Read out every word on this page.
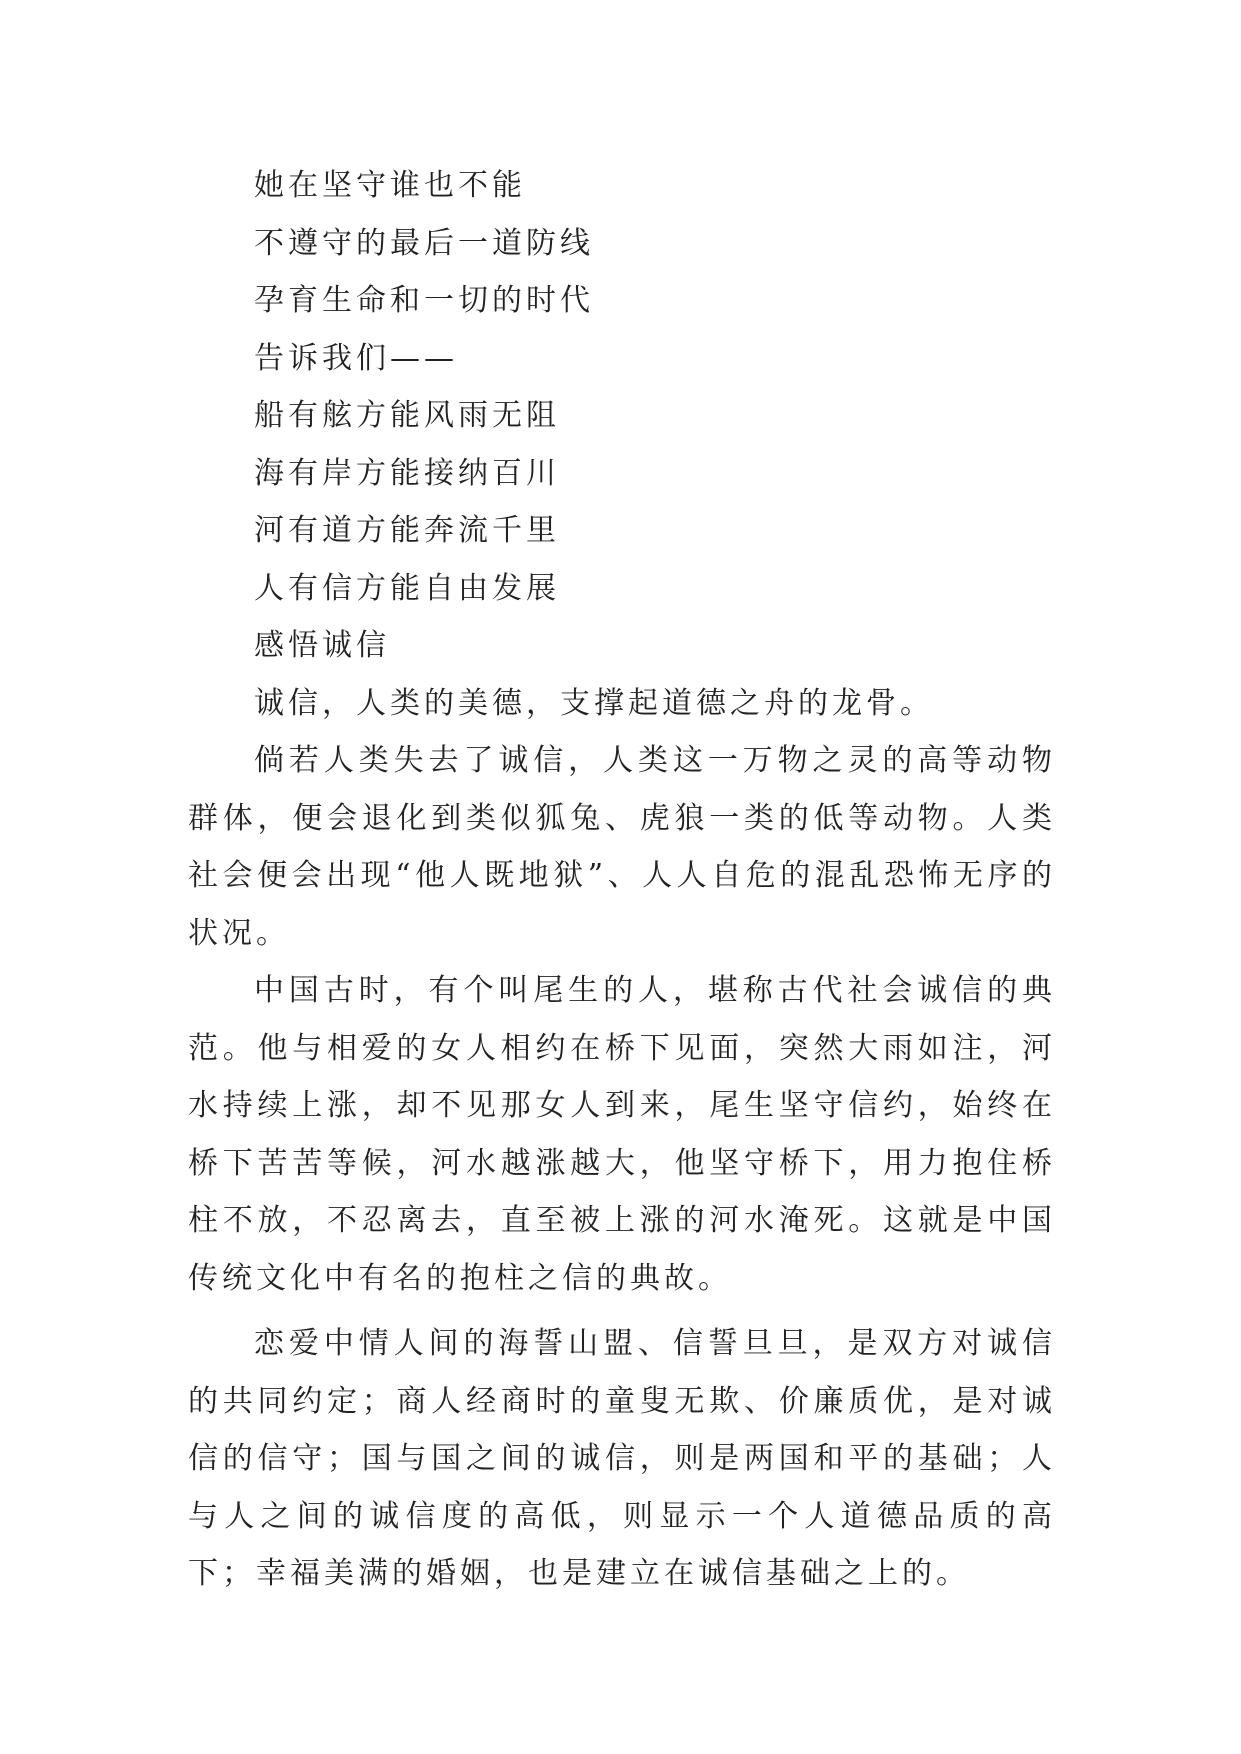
她在坚守谁也不能

不遵守的最后一道防线

孕育生命和一切的时代

告诉我们——

船有舷方能风雨无阻

海有岸方能接纳百川

河有道方能奔流千里

人有信方能自由发展

感悟诚信

诚信，人类的美德，支撑起道德之舟的龙骨。

倘若人类失去了诚信，人类这一万物之灵的高等动物群体，便会退化到类似狐兔、虎狼一类的低等动物。人类社会便会出现“他人既地狱”、人人自危的混乱恐怖无序的状况。

中国古时，有个叫尾生的人，堪称古代社会诚信的典范。他与相爱的女人相约在桥下见面，突然大雨如注，河水持续上涨，却不见那女人到来，尾生坚守信约，始终在桥下苦苦等候，河水越涨越大，他坚守桥下，用力抱住桥柱不放，不忍离去，直至被上涨的河水淹死。这就是中国传统文化中有名的抱柱之信的典故。

恋爱中情人间的海誓山盟、信誓旦旦，是双方对诚信的共同约定；商人经商时的童叟无欺、价廉质优，是对诚信的信守；国与国之间的诚信，则是两国和平的基础；人与人之间的诚信度的高低，则显示一个人道德品质的高下；幸福美满的婚姻，也是建立在诚信基础之上的。
